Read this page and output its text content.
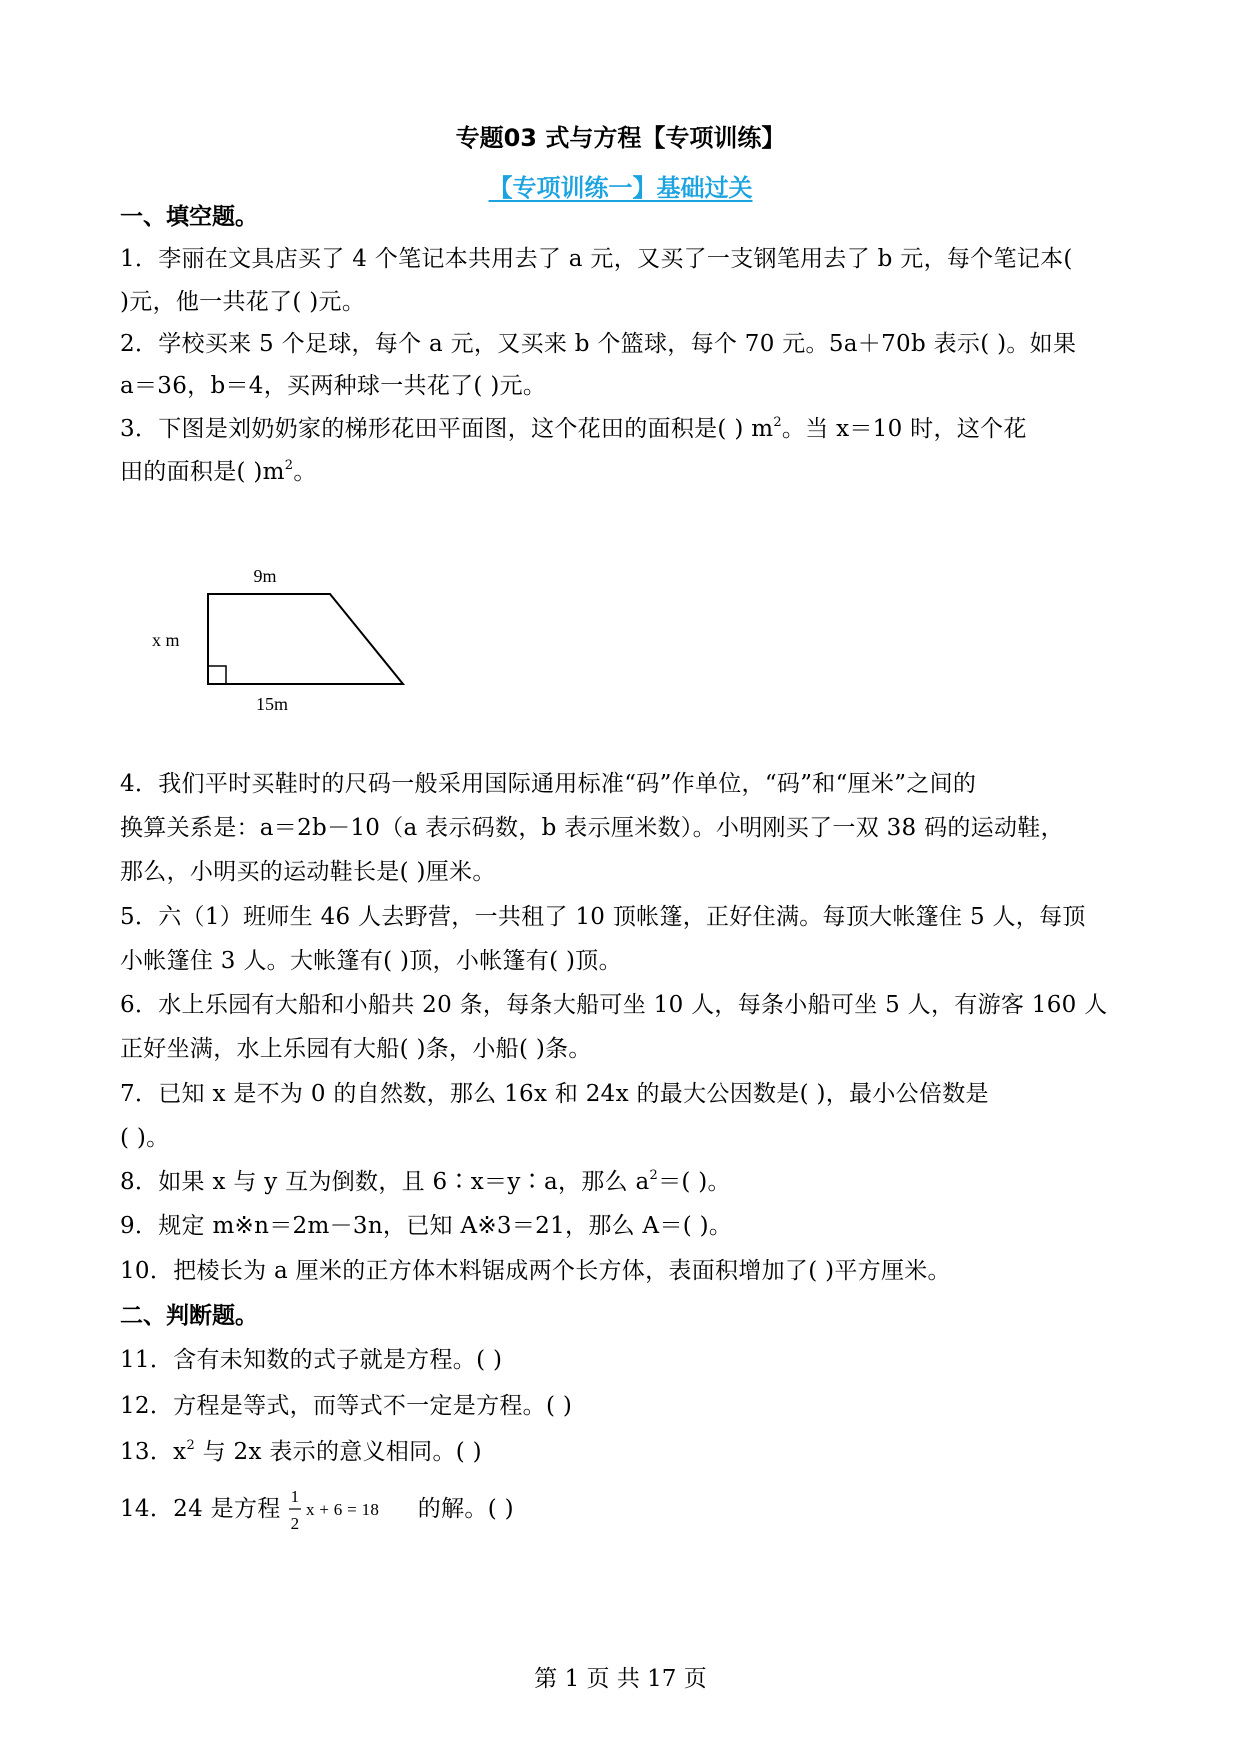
专题03 式与方程【专项训练】
【专项训练一】基础过关
一、填空题。
1．李丽在文具店买了 4 个笔记本共用去了 a 元，又买了一支钢笔用去了 b 元，每个笔记本(
)元，他一共花了( )元。
2．学校买来 5 个足球，每个 a 元，又买来 b 个篮球，每个 70 元。5a＋70b 表示( )。如果
a＝36，b＝4，买两种球一共花了( )元。
3．下图是刘奶奶家的梯形花田平面图，这个花田的面积是( ) $m^2$。当 x＝10 时，这个花
田的面积是( )$m^2$。
9m
x m
15m
4．我们平时买鞋时的尺码一般采用国际通用标准“码”作单位，“码”和“厘米”之间的
换算关系是：a＝2b－10（a 表示码数，b 表示厘米数）。小明刚买了一双 38 码的运动鞋，
那么，小明买的运动鞋长是( )厘米。
5．六（1）班师生 46 人去野营，一共租了 10 顶帐篷，正好住满。每顶大帐篷住 5 人，每顶
小帐篷住 3 人。大帐篷有( )顶，小帐篷有( )顶。
6．水上乐园有大船和小船共 20 条，每条大船可坐 10 人，每条小船可坐 5 人，有游客 160 人
正好坐满，水上乐园有大船( )条，小船( )条。
7．已知 x 是不为 0 的自然数，那么 16x 和 24x 的最大公因数是( )，最小公倍数是
( )。
8．如果 x 与 y 互为倒数，且 6∶x＝y∶a，那么 $a^2=$( )。
9．规定 m※n＝2m－3n，已知 A※3＝21，那么 A＝( )。
10．把棱长为 a 厘米的正方体木料锯成两个长方体，表面积增加了( )平方厘米。
二、判断题。
11．含有未知数的式子就是方程。( )
12．方程是等式，而等式不一定是方程。( )
13．$x^2$ 与 2x 表示的意义相同。( )
14．24 是方程 1
2
x + 6 = 18 的解。( )
第 1 页 共 17 页
